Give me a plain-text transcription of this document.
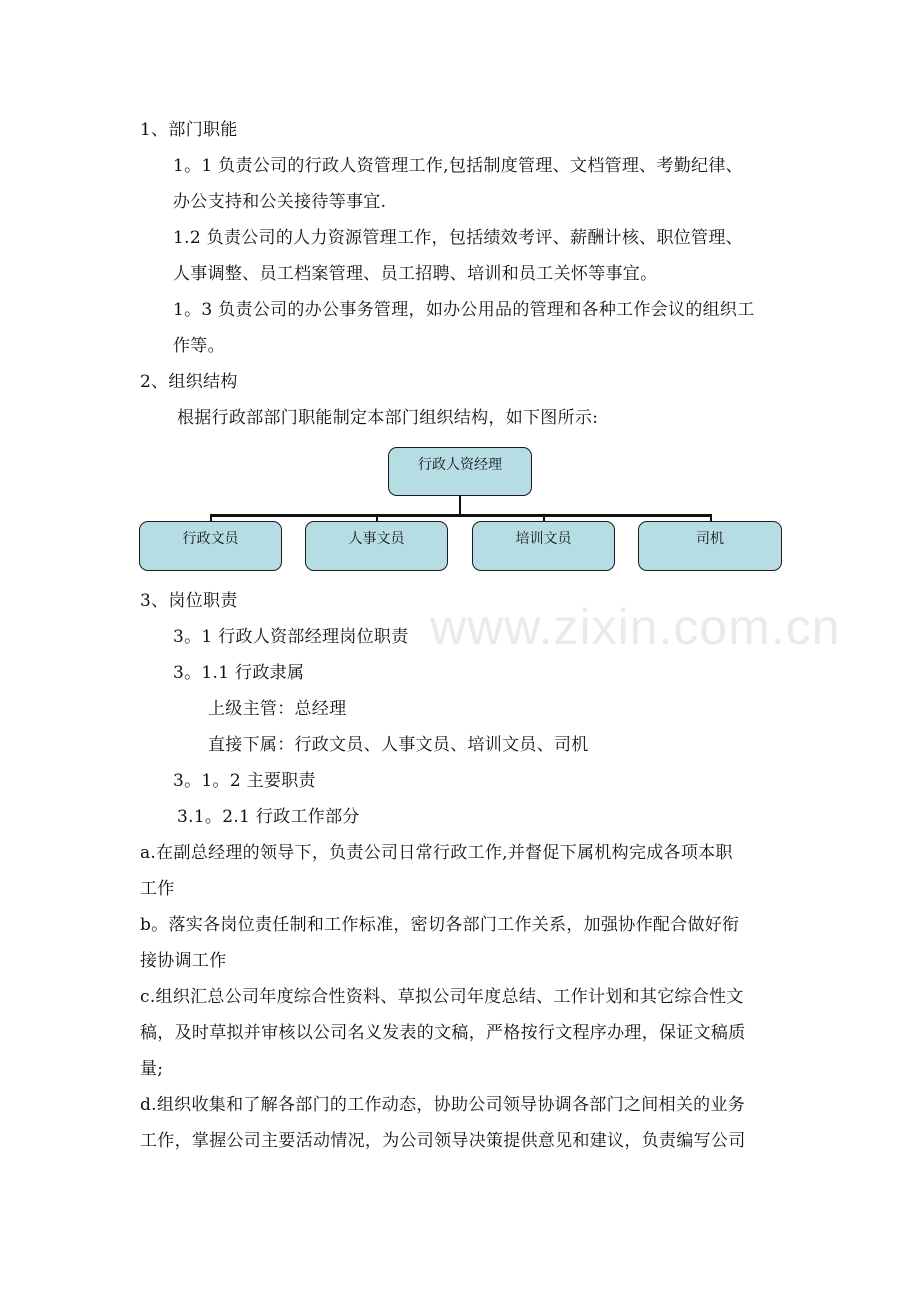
www.zixin.com.cn
1、部门职能
1。1 负责公司的行政人资管理工作,包括制度管理、文档管理、考勤纪律、
办公支持和公关接待等事宜.
1.2 负责公司的人力资源管理工作，包括绩效考评、薪酬计核、职位管理、
人事调整、员工档案管理、员工招聘、培训和员工关怀等事宜。
1。3 负责公司的办公事务管理，如办公用品的管理和各种工作会议的组织工
作等。
2、组织结构
根据行政部部门职能制定本部门组织结构，如下图所示:
行政人资经理
行政文员	人事文员	培训文员	司机
3、岗位职责
3。1 行政人资部经理岗位职责
3。1.1 行政隶属
上级主管：总经理
直接下属：行政文员、人事文员、培训文员、司机
3。1。2 主要职责
3.1。2.1 行政工作部分
a.在副总经理的领导下，负责公司日常行政工作,并督促下属机构完成各项本职
工作
b。落实各岗位责任制和工作标准，密切各部门工作关系，加强协作配合做好衔
接协调工作
c.组织汇总公司年度综合性资料、草拟公司年度总结、工作计划和其它综合性文
稿，及时草拟并审核以公司名义发表的文稿，严格按行文程序办理，保证文稿质
量;
d.组织收集和了解各部门的工作动态，协助公司领导协调各部门之间相关的业务
工作，掌握公司主要活动情况，为公司领导决策提供意见和建议，负责编写公司
